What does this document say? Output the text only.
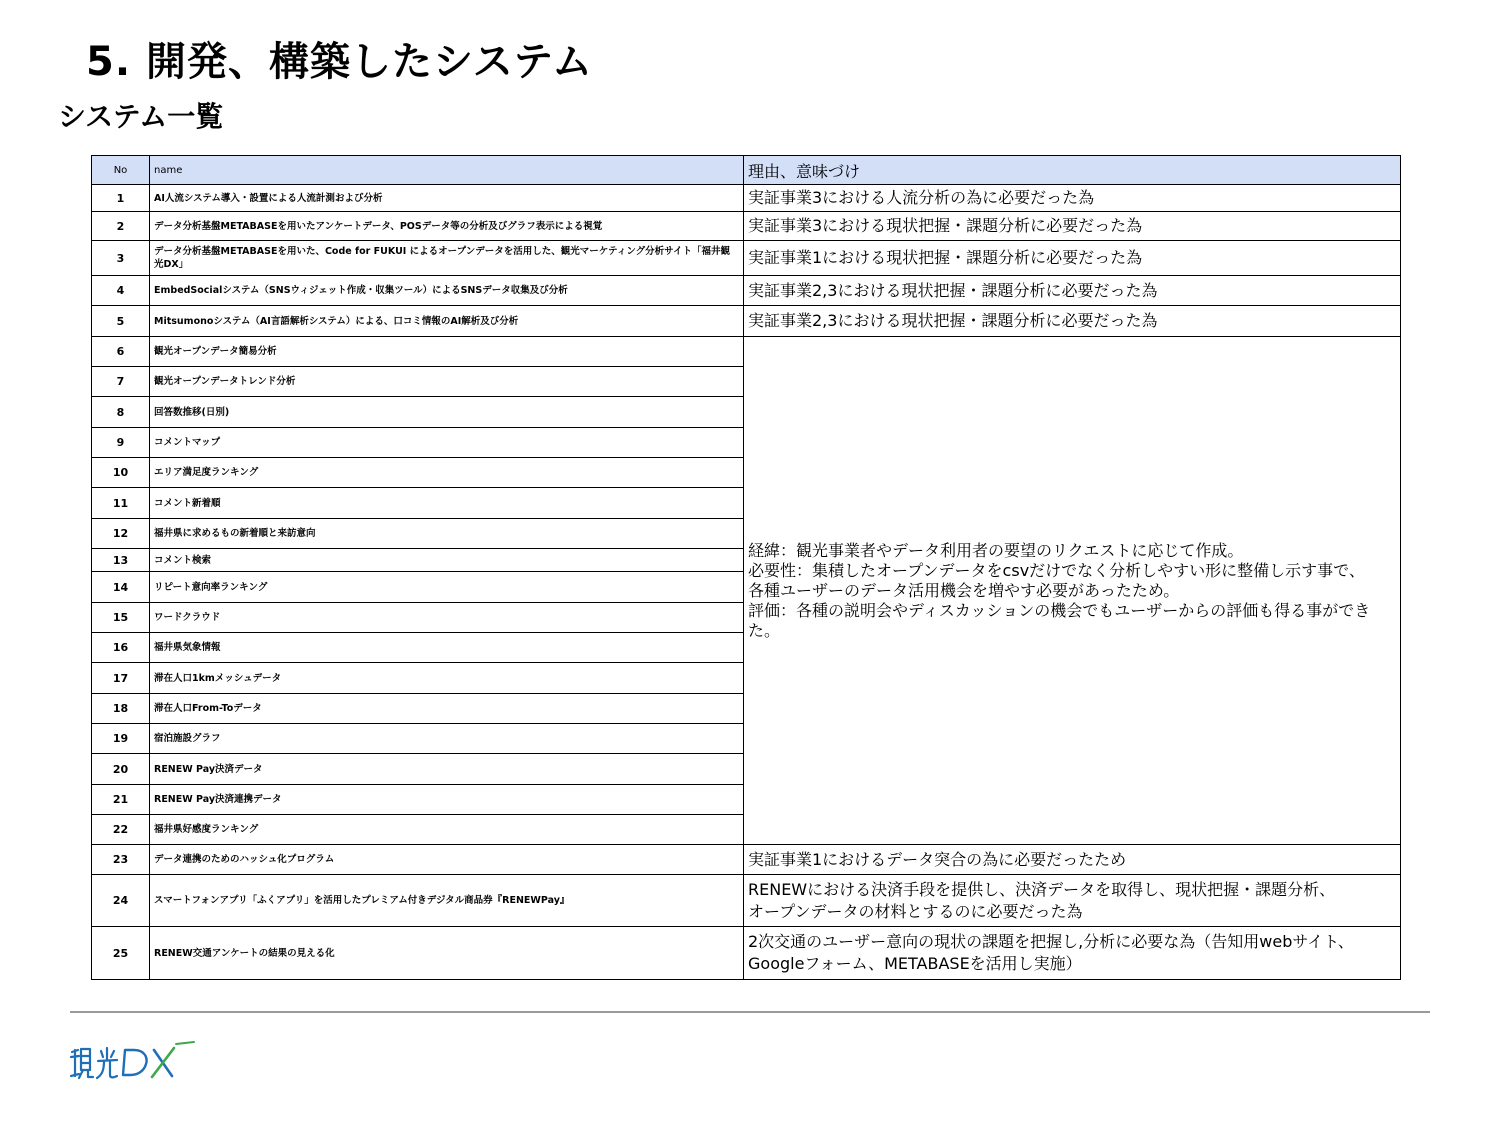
5. 開発、構築したシステム
システム一覧
No	name	理由、意味づけ
1	AI人流システム導入・設置による人流計測および分析	実証事業3における人流分析の為に必要だった為
2	データ分析基盤METABASEを用いたアンケートデータ、POSデータ等の分析及びグラフ表示による視覚	実証事業3における現状把握・課題分析に必要だった為
3	データ分析基盤METABASEを用いた、Code for FUKUI によるオープンデータを活用した、観光マーケティング分析サイト「福井観光DX」	実証事業1における現状把握・課題分析に必要だった為
4	EmbedSocialシステム（SNSウィジェット作成・収集ツール）によるSNSデータ収集及び分析	実証事業2,3における現状把握・課題分析に必要だった為
5	Mitsumonoシステム（AI言語解析システム）による、口コミ情報のAI解析及び分析	実証事業2,3における現状把握・課題分析に必要だった為
6	観光オープンデータ簡易分析	経緯：観光事業者やデータ利用者の要望のリクエストに応じて作成。
必要性：集積したオープンデータをcsvだけでなく分析しやすい形に整備し示す事で、
各種ユーザーのデータ活用機会を増やす必要があったため。
評価：各種の説明会やディスカッションの機会でもユーザーからの評価も得る事ができた。

7	観光オープンデータトレンド分析	
8	回答数推移(日別)	
9	コメントマップ	
10	エリア満足度ランキング	
11	コメント新着順	
12	福井県に求めるもの新着順と来訪意向	
13	コメント検索	
14	リピート意向率ランキング	
15	ワードクラウド	
16	福井県気象情報	
17	滞在人口1kmメッシュデータ	
18	滞在人口From-Toデータ	
19	宿泊施設グラフ	
20	RENEW Pay決済データ	
21	RENEW Pay決済連携データ	
22	福井県好感度ランキング	
23	データ連携のためのハッシュ化プログラム	実証事業1におけるデータ突合の為に必要だったため
24	スマートフォンアプリ「ふくアプリ」を活用したプレミアム付きデジタル商品券『RENEWPay』	RENEWにおける決済手段を提供し、決済データを取得し、現状把握・課題分析、
オープンデータの材料とするのに必要だった為

25	RENEW交通アンケートの結果の見える化	2次交通のユーザー意向の現状の課題を把握し,分析に必要な為（告知用webサイト、
Googleフォーム、METABASEを活用し実施）
